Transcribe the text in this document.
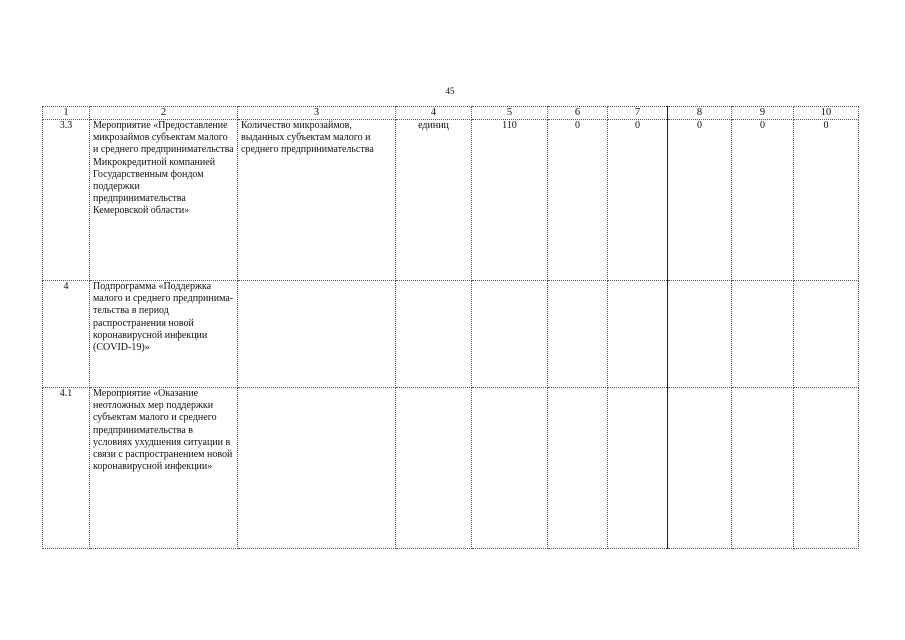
45
1	2	3	4	5	6	7	8	9	10
3.3	Мероприятие «Предоставление микрозаймов субъектам малого и среднего предпринимательства Микрокредитной компанией Государственным фондом поддержки предпринимательства Кемеровской области»	Количество микрозаймов, выданных субъектам малого и среднего предпринимательства	единиц	110	0	0	0	0	0
4	Подпрограмма «Поддержка малого и среднего предпринима-тельства в период распространения новой коронавирусной инфекции (COVID-19)»								
4.1	Мероприятие «Оказание неотложных мер поддержки субъектам малого и среднего предпринимательства в условиях ухудшения ситуации в связи с распространением новой коронавирусной инфекции»								
